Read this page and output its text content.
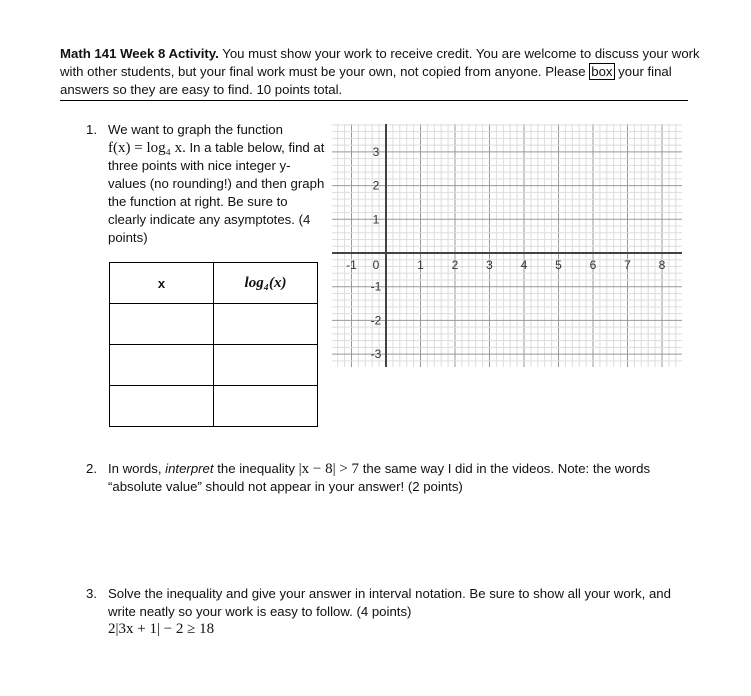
Math 141 Week 8 Activity. You must show your work to receive credit. You are welcome to discuss your work with other students, but your final work must be your own, not copied from anyone. Please box your final answers so they are easy to find. 10 points total.
1. We want to graph the function
f(x) = log₄ x. In a table below, find at three points with nice integer y-values (no rounding!) and then graph the function at right. Be sure to clearly indicate any asymptotes. (4 points)
x	log₄(x)

-1 0	1 2 3 4 5 6 7 8
3
2
1
-1
-2
-3
2. In words, interpret the inequality |x − 8| > 7 the same way I did in the videos. Note: the words “absolute value” should not appear in your answer! (2 points)
3. Solve the inequality and give your answer in interval notation. Be sure to show all your work, and write neatly so your work is easy to follow. (4 points)
2|3x + 1| − 2 ≥ 18
